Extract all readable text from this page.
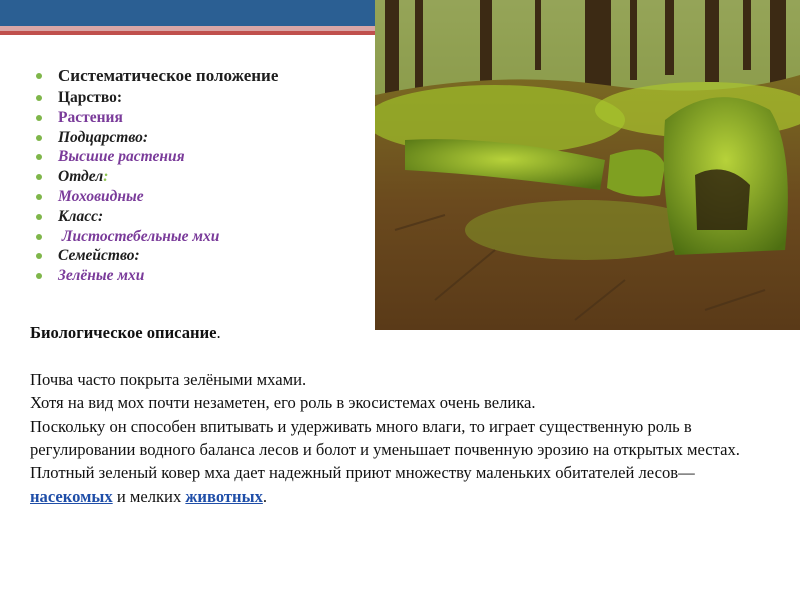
Систематическое положение
Царство:
Растения
Подцарство:
Высшие растения
Отдел:
Моховидные
Класс:
Листостебельные мхи
Семейство:
Зелёные мхи

Биологическое описание.

Почва часто покрыта зелёными мхами.

Хотя на вид мох почти незаметен, его роль в экосистемах очень велика.

Поскольку он способен впитывать и удерживать много влаги, то играет существенную роль в регулировании водного баланса лесов и болот и уменьшает почвенную эрозию на открытых местах.

Плотный зеленый ковер мха дает надежный приют множеству маленьких обитателей лесов— насекомых и мелких животных.
